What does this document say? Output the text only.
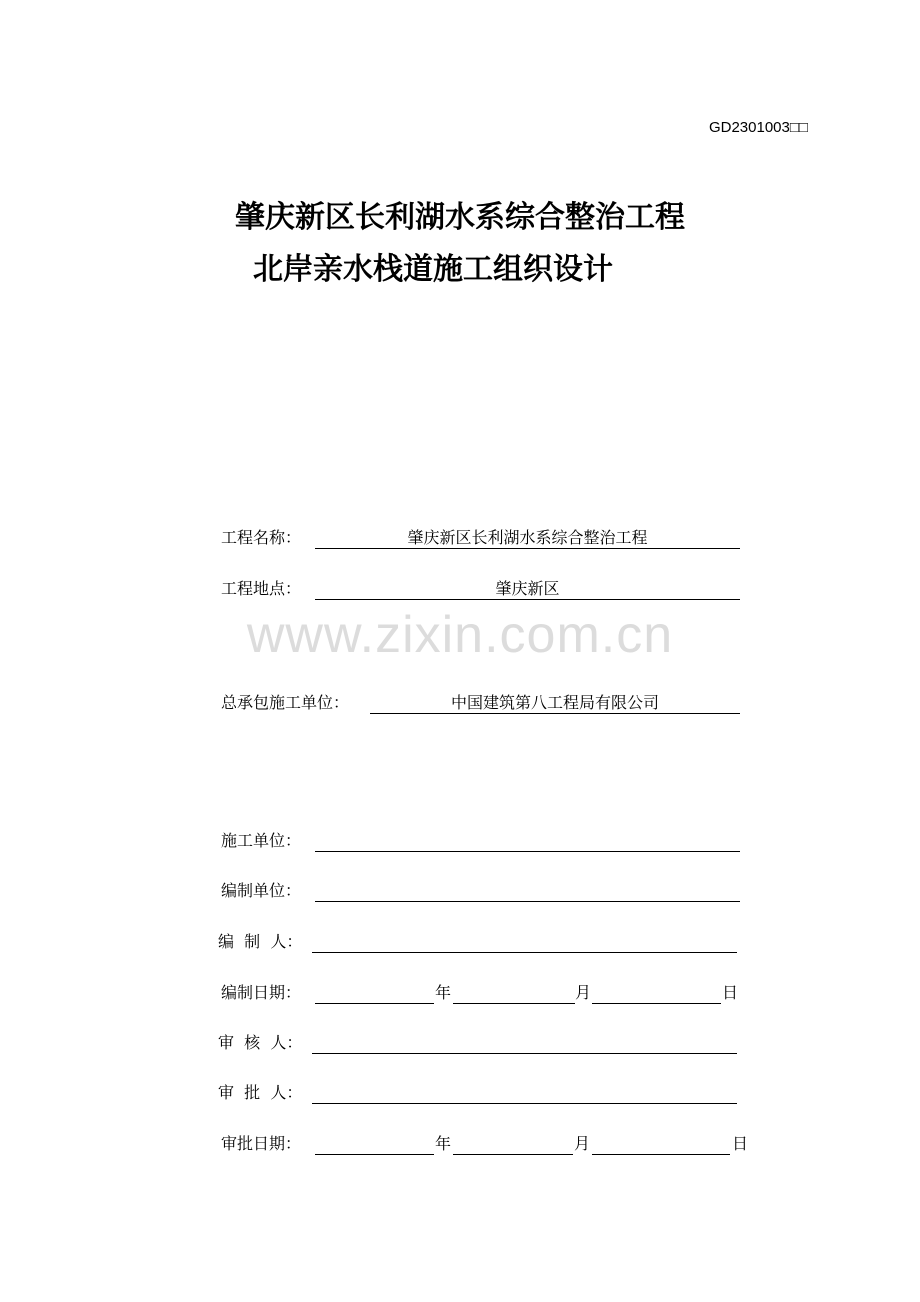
GD2301003□□
肇庆新区长利湖水系综合整治工程
北岸亲水栈道施工组织设计
www.zixin.com.cn
工程名称：	肇庆新区长利湖水系综合整治工程
工程地点：	肇庆新区
总承包施工单位：	中国建筑第八工程局有限公司
施工单位：
编制单位：
编  制  人：
编制日期：	年	月	日
审  核  人：
审  批  人：
审批日期：	年	月	日
